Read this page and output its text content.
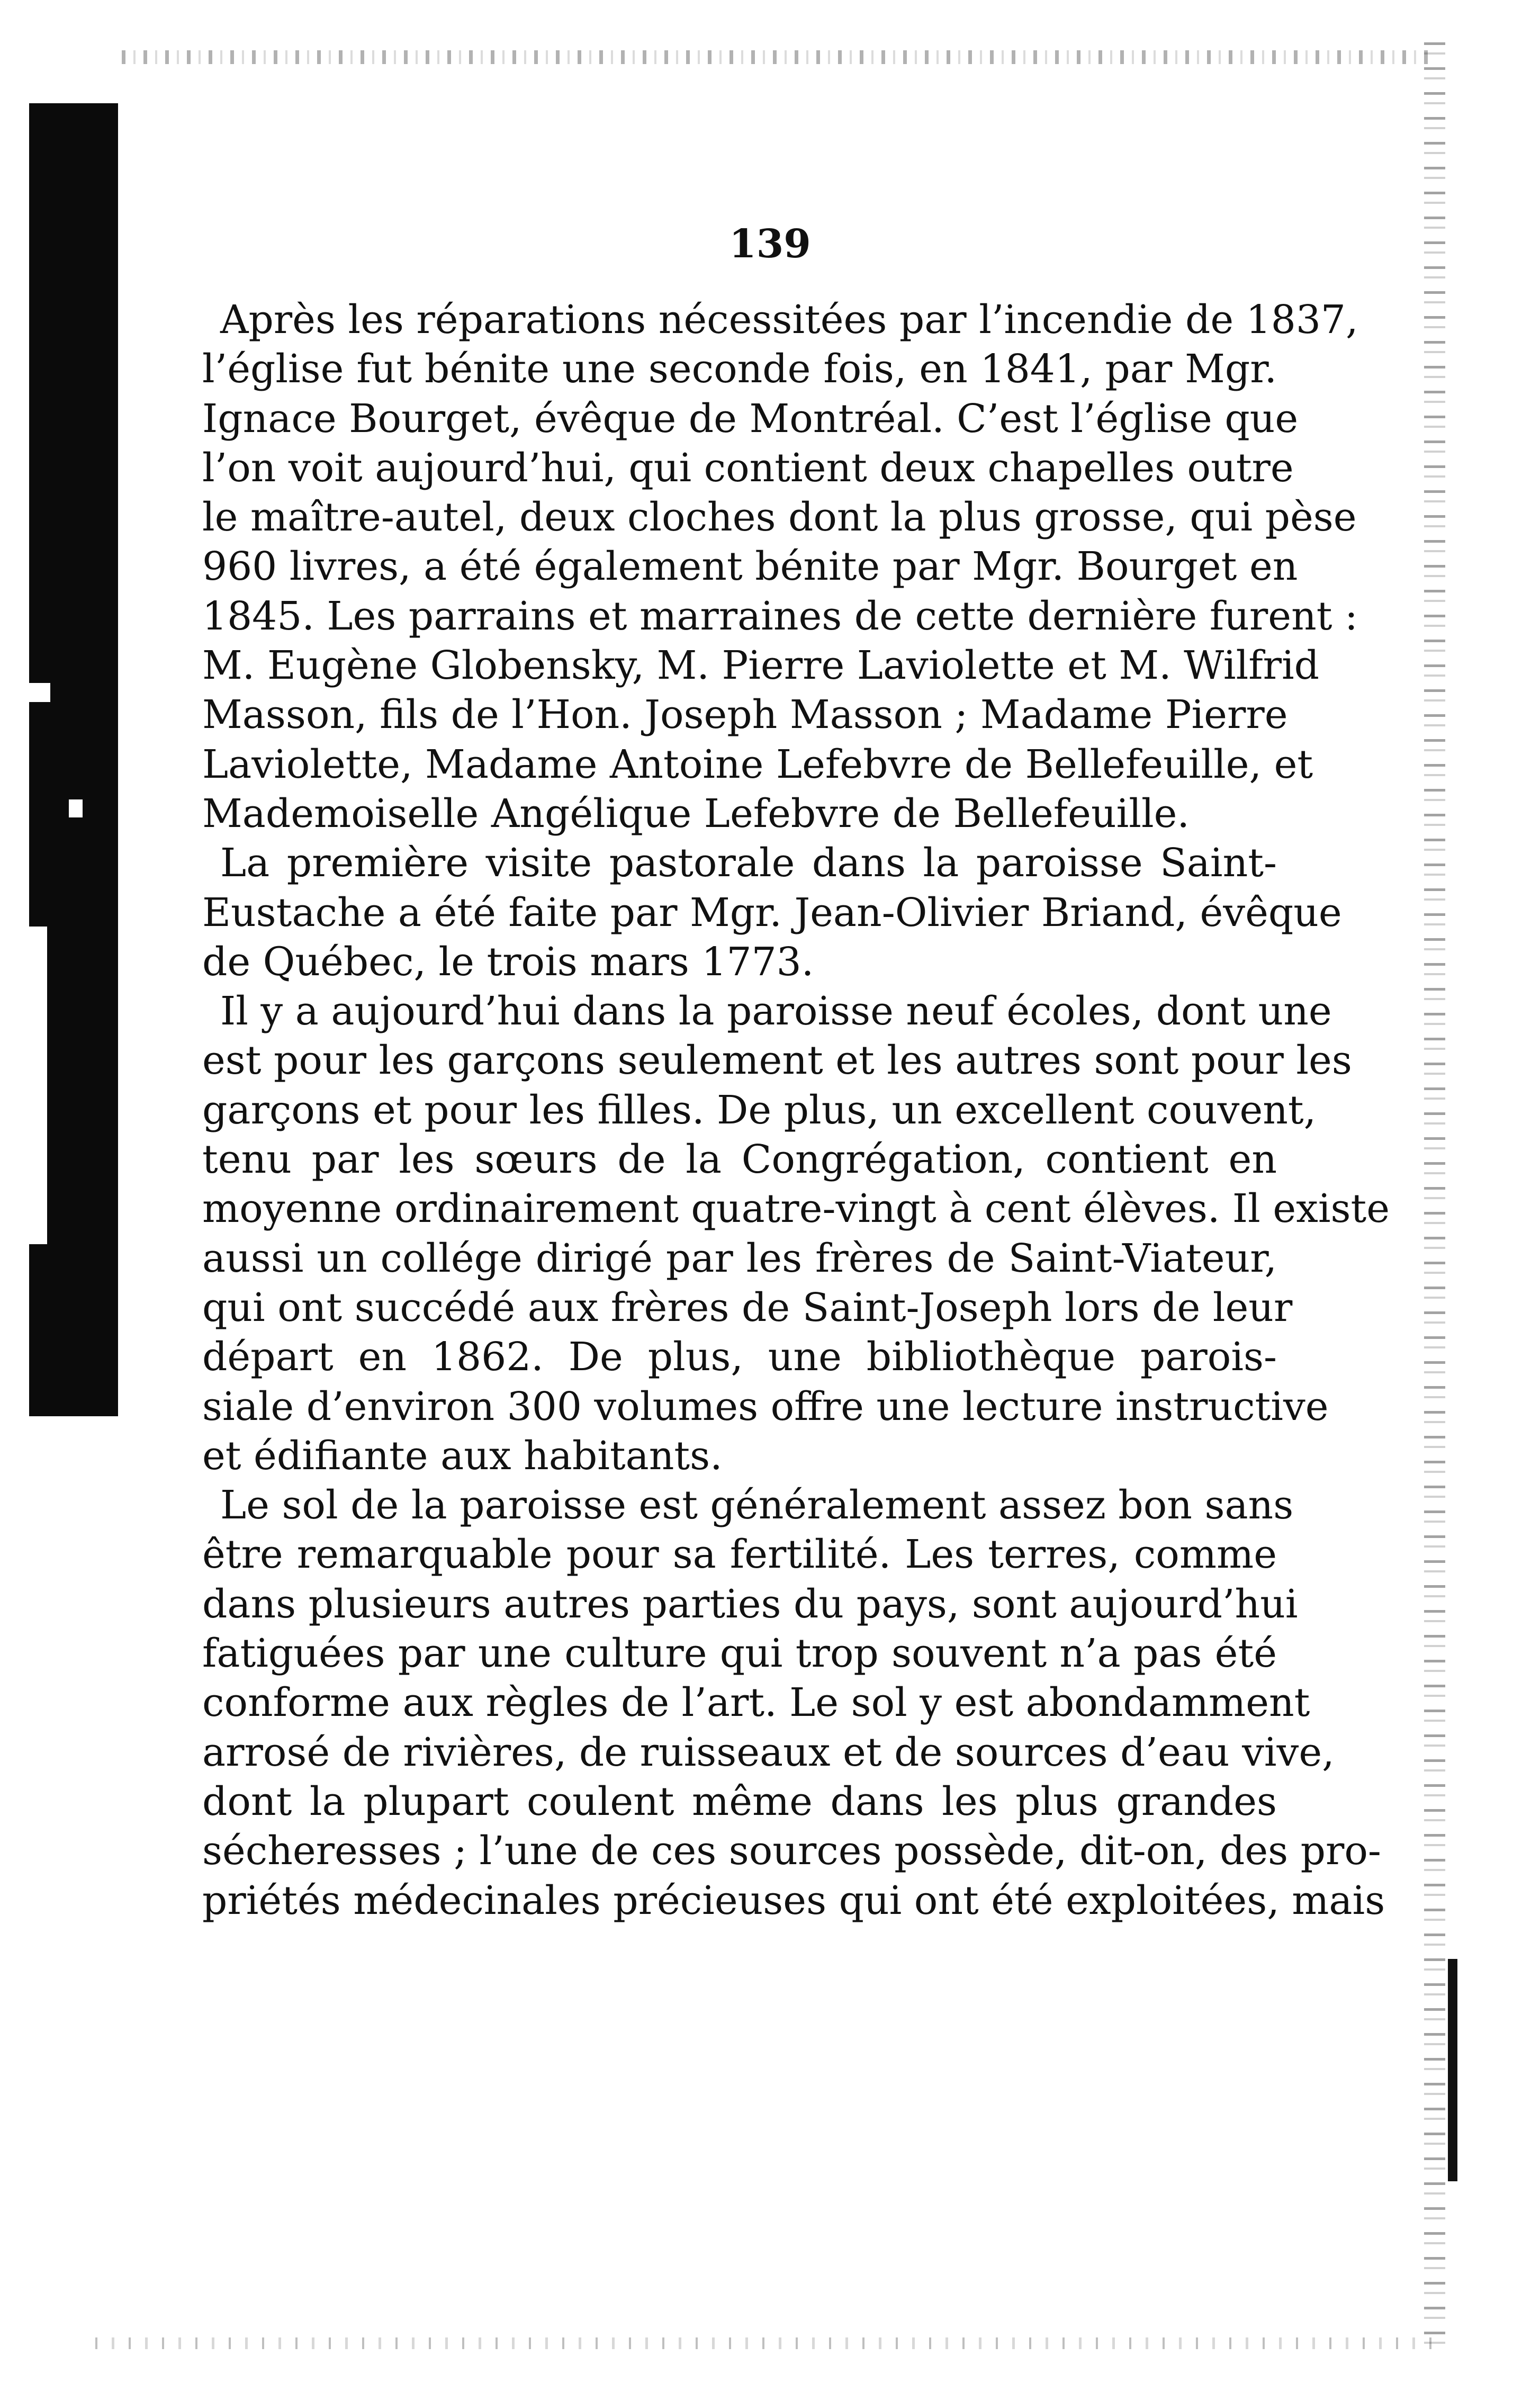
139
Après les réparations nécessitées par l’incendie de 1837,
l’église fut bénite une seconde fois, en 1841, par Mgr.
Ignace Bourget, évêque de Montréal. C’est l’église que
l’on voit aujourd’hui, qui contient deux chapelles outre
le maître-autel, deux cloches dont la plus grosse, qui pèse
960 livres, a été également bénite par Mgr. Bourget en
1845. Les parrains et marraines de cette dernière furent :
M. Eugène Globensky, M. Pierre Laviolette et M. Wilfrid
Masson, fils de l’Hon. Joseph Masson ; Madame Pierre
Laviolette, Madame Antoine Lefebvre de Bellefeuille, et
Mademoiselle Angélique Lefebvre de Bellefeuille.
La première visite pastorale dans la paroisse Saint-
Eustache a été faite par Mgr. Jean-Olivier Briand, évêque
de Québec, le trois mars 1773.
Il y a aujourd’hui dans la paroisse neuf écoles, dont une
est pour les garçons seulement et les autres sont pour les
garçons et pour les filles. De plus, un excellent couvent,
tenu par les sœurs de la Congrégation, contient en
moyenne ordinairement quatre-vingt à cent élèves. Il existe
aussi un collége dirigé par les frères de Saint-Viateur,
qui ont succédé aux frères de Saint-Joseph lors de leur
départ en 1862. De plus, une bibliothèque parois-
siale d’environ 300 volumes offre une lecture instructive
et édifiante aux habitants.
Le sol de la paroisse est généralement assez bon sans
être remarquable pour sa fertilité. Les terres, comme
dans plusieurs autres parties du pays, sont aujourd’hui
fatiguées par une culture qui trop souvent n’a pas été
conforme aux règles de l’art. Le sol y est abondamment
arrosé de rivières, de ruisseaux et de sources d’eau vive,
dont la plupart coulent même dans les plus grandes
sécheresses ; l’une de ces sources possède, dit-on, des pro-
priétés médecinales précieuses qui ont été exploitées, mais
